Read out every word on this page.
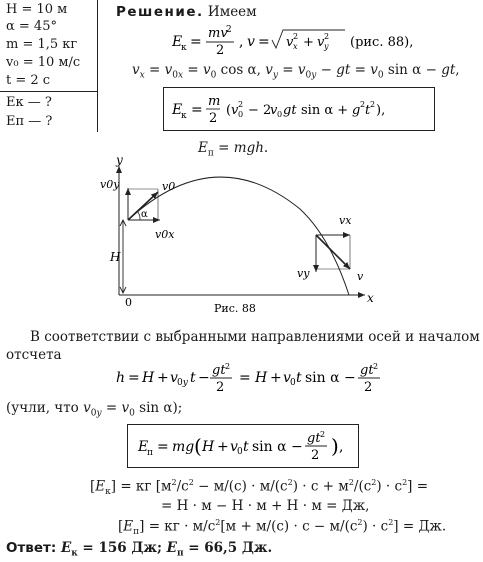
H = 10 м
α = 45°
m = 1,5 кг
v₀ = 10 м/с
t = 2 с
Eк — ?
Eп — ?
Решение. Имеем
E
к =
mv
2
2
, v = v x
2 + v y
2 (рис. 88),
$v_x = v_{0x} = v_0$ cos α, $v_y = v_{0y}$ − gt = $v_0$ sin α − gt,
E
к =
m
2
( v 0
2 − 2
v 0 gt sin α + g 2 t 2 ),
$E_п$ = mgh.
y
x
0
H
α
v0y	v0
v0x
vx
vy	v
Рис. 88
В соответствии с выбранными направлениями осей и началом
отсчета
h = H + v 0y t − gt 2
2
= H + v 0 t sin α − gt 2
2
(учли, что $v_{0y} = v_0$ sin α);
E
п = mg ( H + v 0 t sin α −
gt 2
2 ) ,
$[E_к]$ = кг $[м^2/с^2 - м/(с) \cdot м/(с^2) \cdot с + м^2/(с^2) \cdot с^2]$ =
= Н · м − Н · м + Н · м = Дж,
$[E_п]$ = кг · $м/с^2[м + м/(с) \cdot с - м/(с^2) \cdot с^2]$ = Дж.
Ответ: $E_к = 156$ Дж; $E_п = 66,5$ Дж.
